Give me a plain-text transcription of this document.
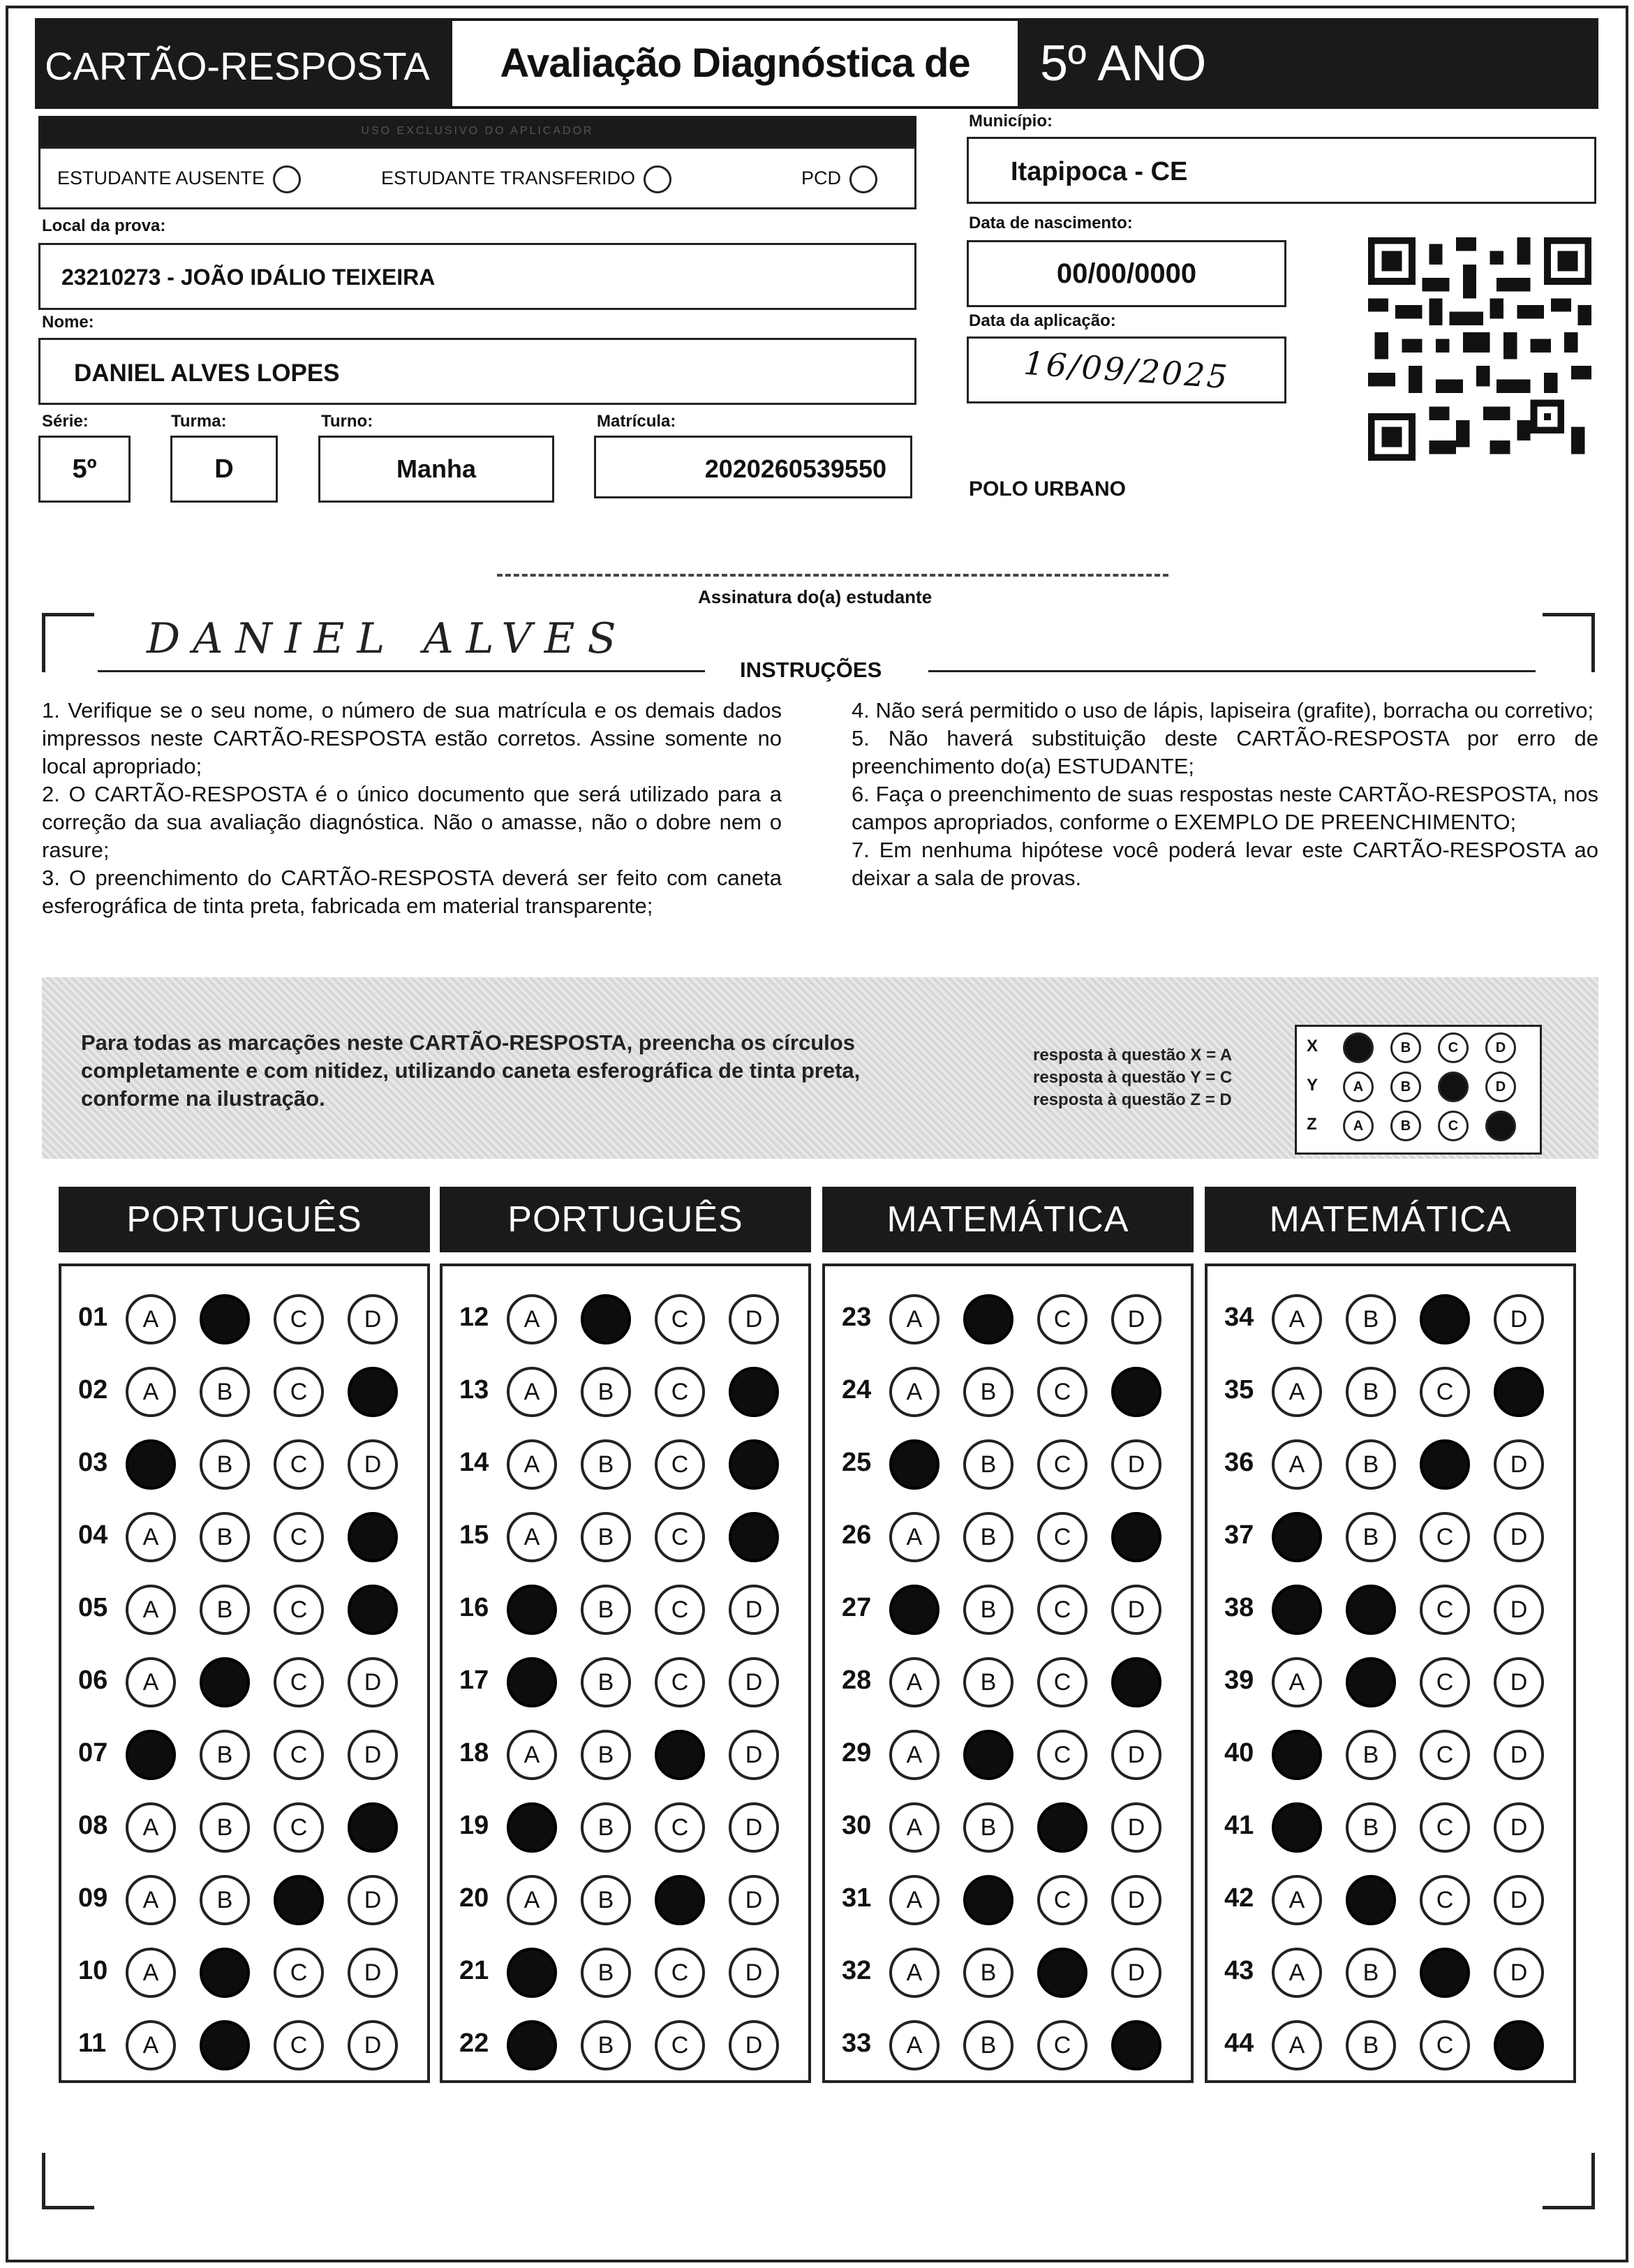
CARTÃO-RESPOSTA	Avaliação Diagnóstica de	5º ANO
USO EXCLUSIVO DO APLICADOR
ESTUDANTE AUSENTE	ESTUDANTE TRANSFERIDO	PCD
Local da prova:
23210273 - JOÃO IDÁLIO TEIXEIRA
Nome:
DANIEL ALVES LOPES
Série:
5º
Turma:
D
Turno:
Manha
Matrícula:
2020260539550
Município:
Itapipoca - CE
Data de nascimento:
00/00/0000
Data da aplicação:
16/09/2025
POLO URBANO
Assinatura do(a) estudante
DANIEL ALVES
INSTRUÇÕES

1. Verifique se o seu nome, o número de sua matrícula e os demais dados impressos neste CARTÃO-RESPOSTA estão corretos. Assine somente no local apropriado;

2. O CARTÃO-RESPOSTA é o único documento que será utilizado para a correção da sua avaliação diagnóstica. Não o amasse, não o dobre nem o rasure;

3. O preenchimento do CARTÃO-RESPOSTA deverá ser feito com caneta esferográfica de tinta preta, fabricada em material transparente;

4. Não será permitido o uso de lápis, lapiseira (grafite), borracha ou corretivo;

5. Não haverá substituição deste CARTÃO-RESPOSTA por erro de preenchimento do(a) ESTUDANTE;

6. Faça o preenchimento de suas respostas neste CARTÃO-RESPOSTA, nos campos apropriados, conforme o EXEMPLO DE PREENCHIMENTO;

7. Em nenhuma hipótese você poderá levar este CARTÃO-RESPOSTA ao deixar a sala de provas.

Para todas as marcações neste CARTÃO-RESPOSTA, preencha os círculos completamente e com nitidez, utilizando caneta esferográfica de tinta preta, conforme na ilustração.
resposta à questão X = A
resposta à questão Y = C
resposta à questão Z = D
X	A	B	C	D
Y	A	B	C	D
Z	A	B	C	D
PORTUGUÊS
01	A	B	C	D
02	A	B	C	D
03	A	B	C	D
04	A	B	C	D
05	A	B	C	D
06	A	B	C	D
07	A	B	C	D
08	A	B	C	D
09	A	B	C	D
10	A	B	C	D
11	A	B	C	D
PORTUGUÊS
12	A	B	C	D
13	A	B	C	D
14	A	B	C	D
15	A	B	C	D
16	A	B	C	D
17	A	B	C	D
18	A	B	C	D
19	A	B	C	D
20	A	B	C	D
21	A	B	C	D
22	A	B	C	D
MATEMÁTICA
23	A	B	C	D
24	A	B	C	D
25	A	B	C	D
26	A	B	C	D
27	A	B	C	D
28	A	B	C	D
29	A	B	C	D
30	A	B	C	D
31	A	B	C	D
32	A	B	C	D
33	A	B	C	D
MATEMÁTICA
34	A	B	C	D
35	A	B	C	D
36	A	B	C	D
37	A	B	C	D
38	A	B	C	D
39	A	B	C	D
40	A	B	C	D
41	A	B	C	D
42	A	B	C	D
43	A	B	C	D
44	A	B	C	D
